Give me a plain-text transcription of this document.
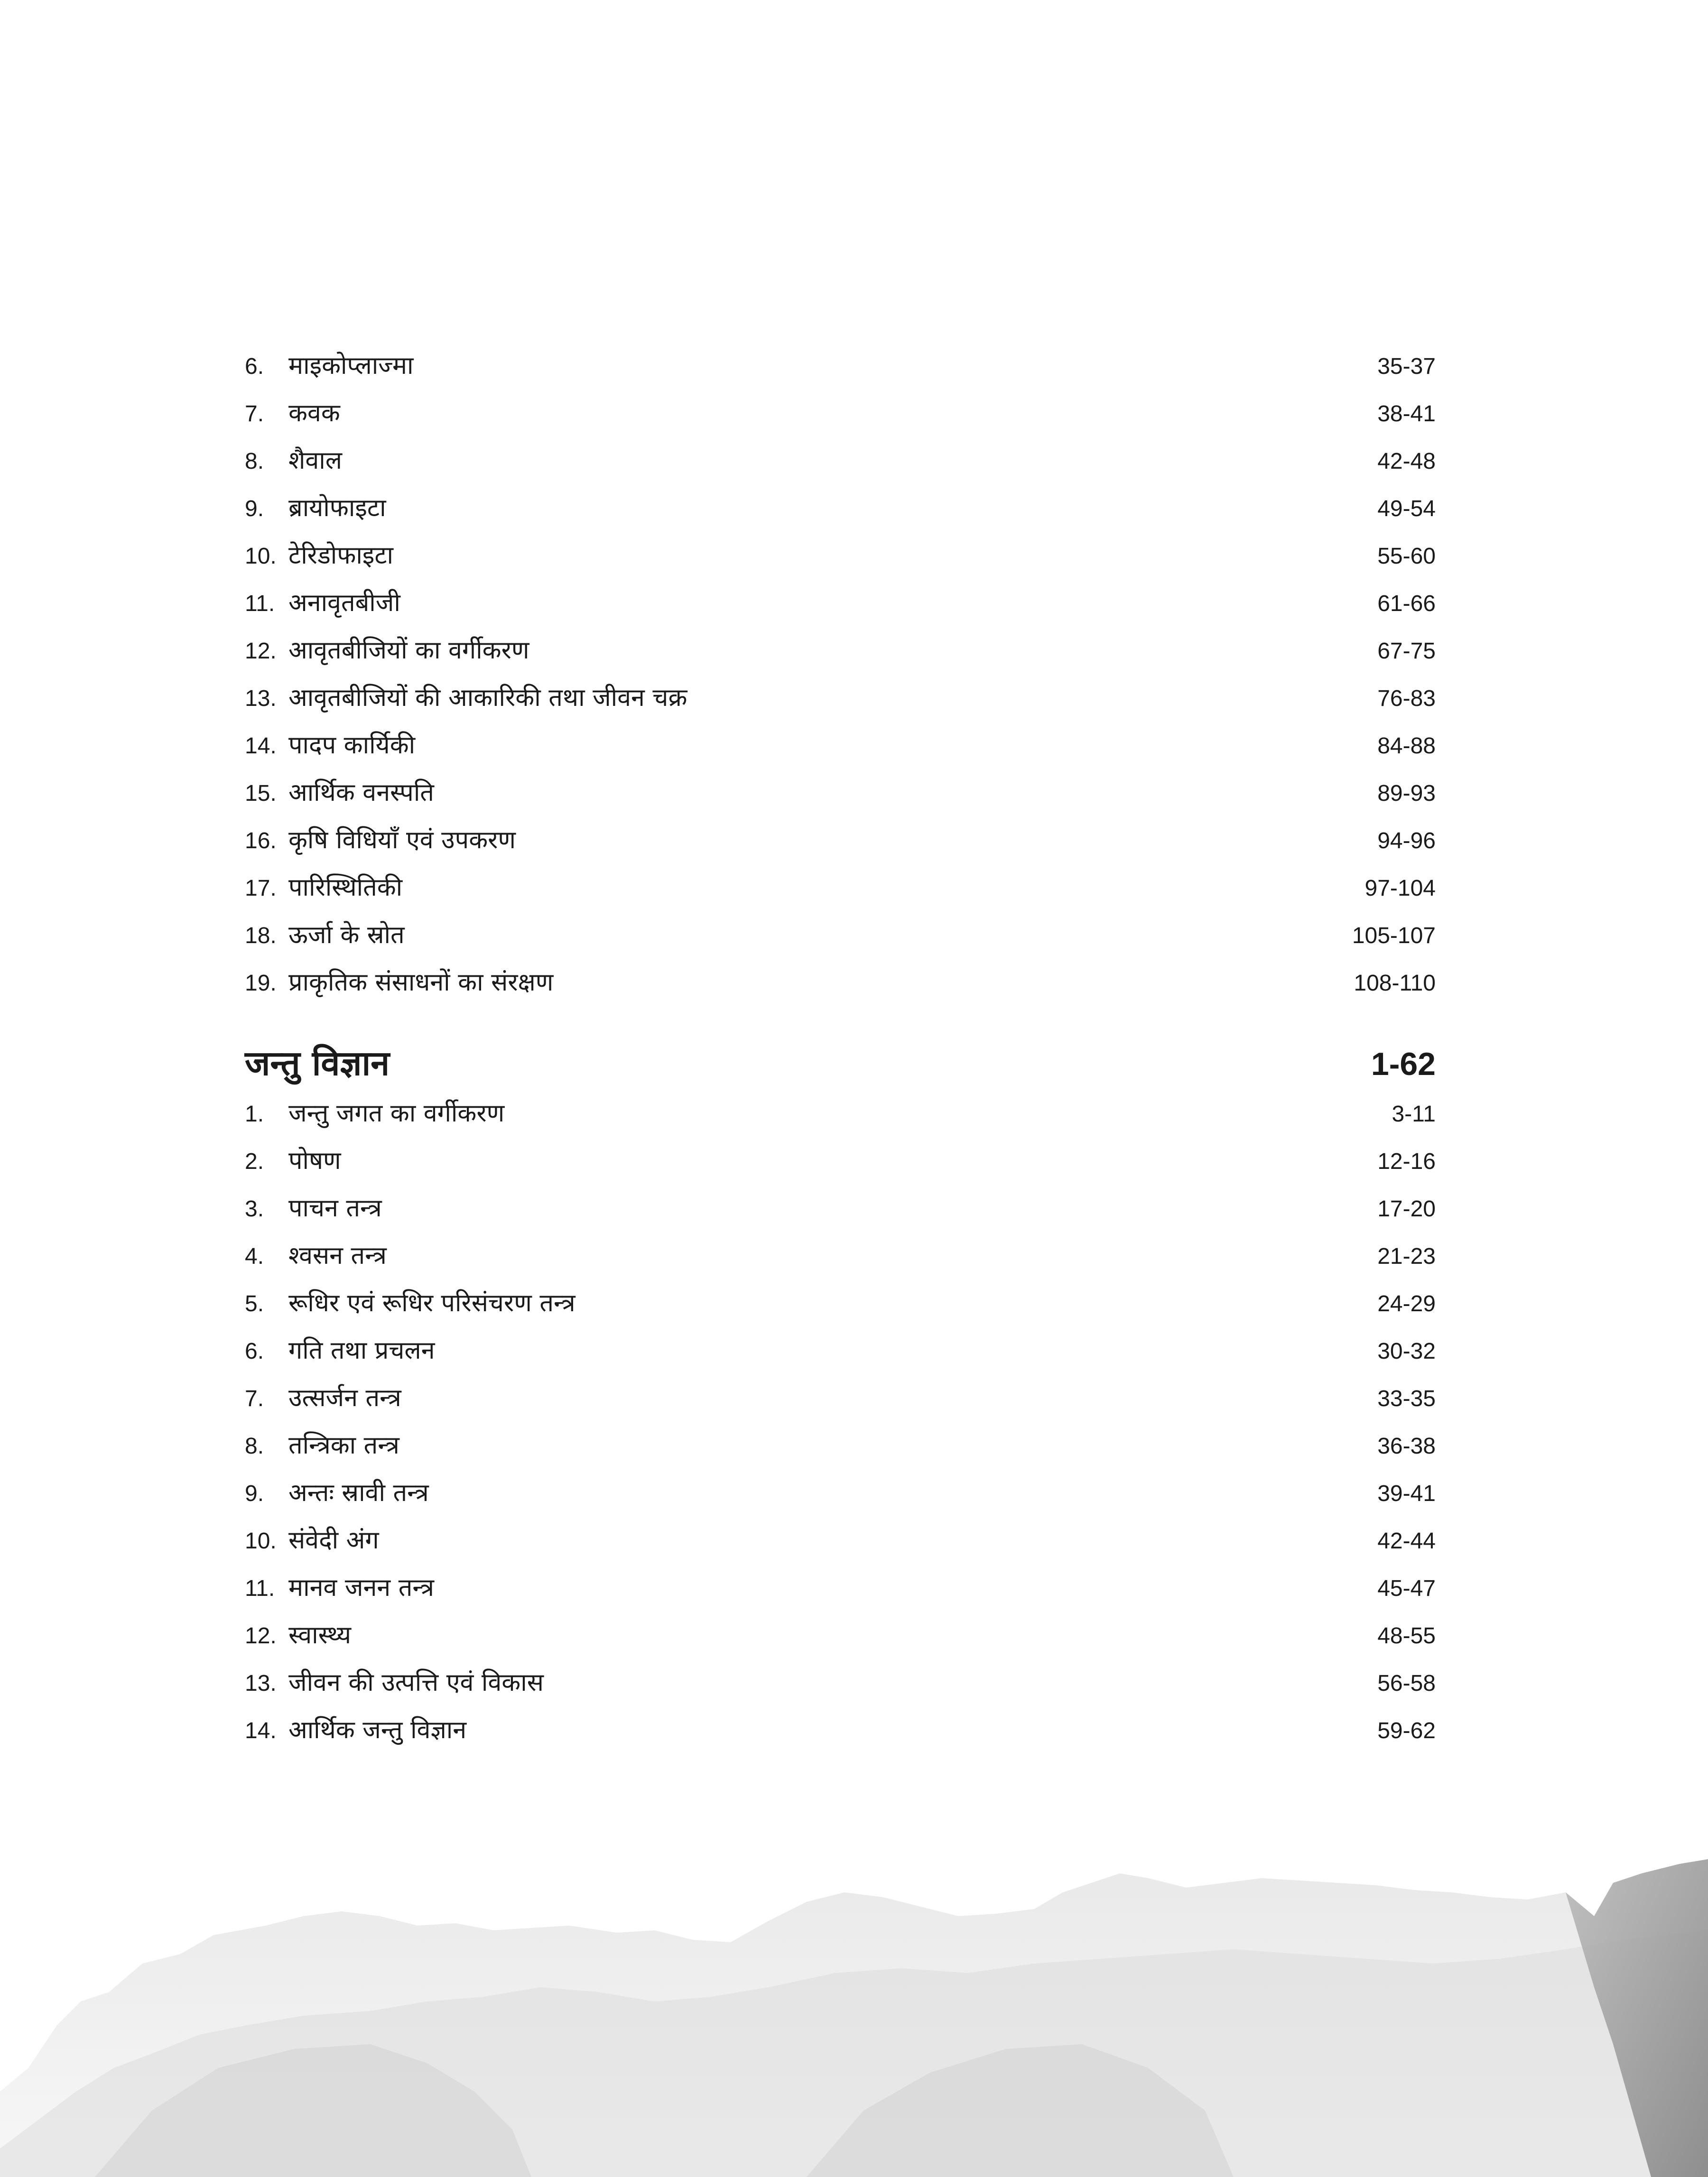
6. माइकोप्लाज्मा	35-37
7. कवक	38-41
8. शैवाल	42-48
9. ब्रायोफाइटा	49-54
10. टेरिडोफाइटा	55-60
11. अनावृतबीजी	61-66
12. आवृतबीजियों का वर्गीकरण	67-75
13. आवृतबीजियों की आकारिकी तथा जीवन चक्र	76-83
14. पादप कार्यिकी	84-88
15. आर्थिक वनस्पति	89-93
16. कृषि विधियाँ एवं उपकरण	94-96
17. पारिस्थितिकी	97-104
18. ऊर्जा के स्रोत	105-107
19. प्राकृतिक संसाधनों का संरक्षण	108-110
जन्तु विज्ञान	1-62
1. जन्तु जगत का वर्गीकरण	3-11
2. पोषण	12-16
3. पाचन तन्त्र	17-20
4. श्वसन तन्त्र	21-23
5. रूधिर एवं रूधिर परिसंचरण तन्त्र	24-29
6. गति तथा प्रचलन	30-32
7. उत्सर्जन तन्त्र	33-35
8. तन्त्रिका तन्त्र	36-38
9. अन्तः स्रावी तन्त्र	39-41
10. संवेदी अंग	42-44
11. मानव जनन तन्त्र	45-47
12. स्वास्थ्य	48-55
13. जीवन की उत्पत्ति एवं विकास	56-58
14. आर्थिक जन्तु विज्ञान	59-62
